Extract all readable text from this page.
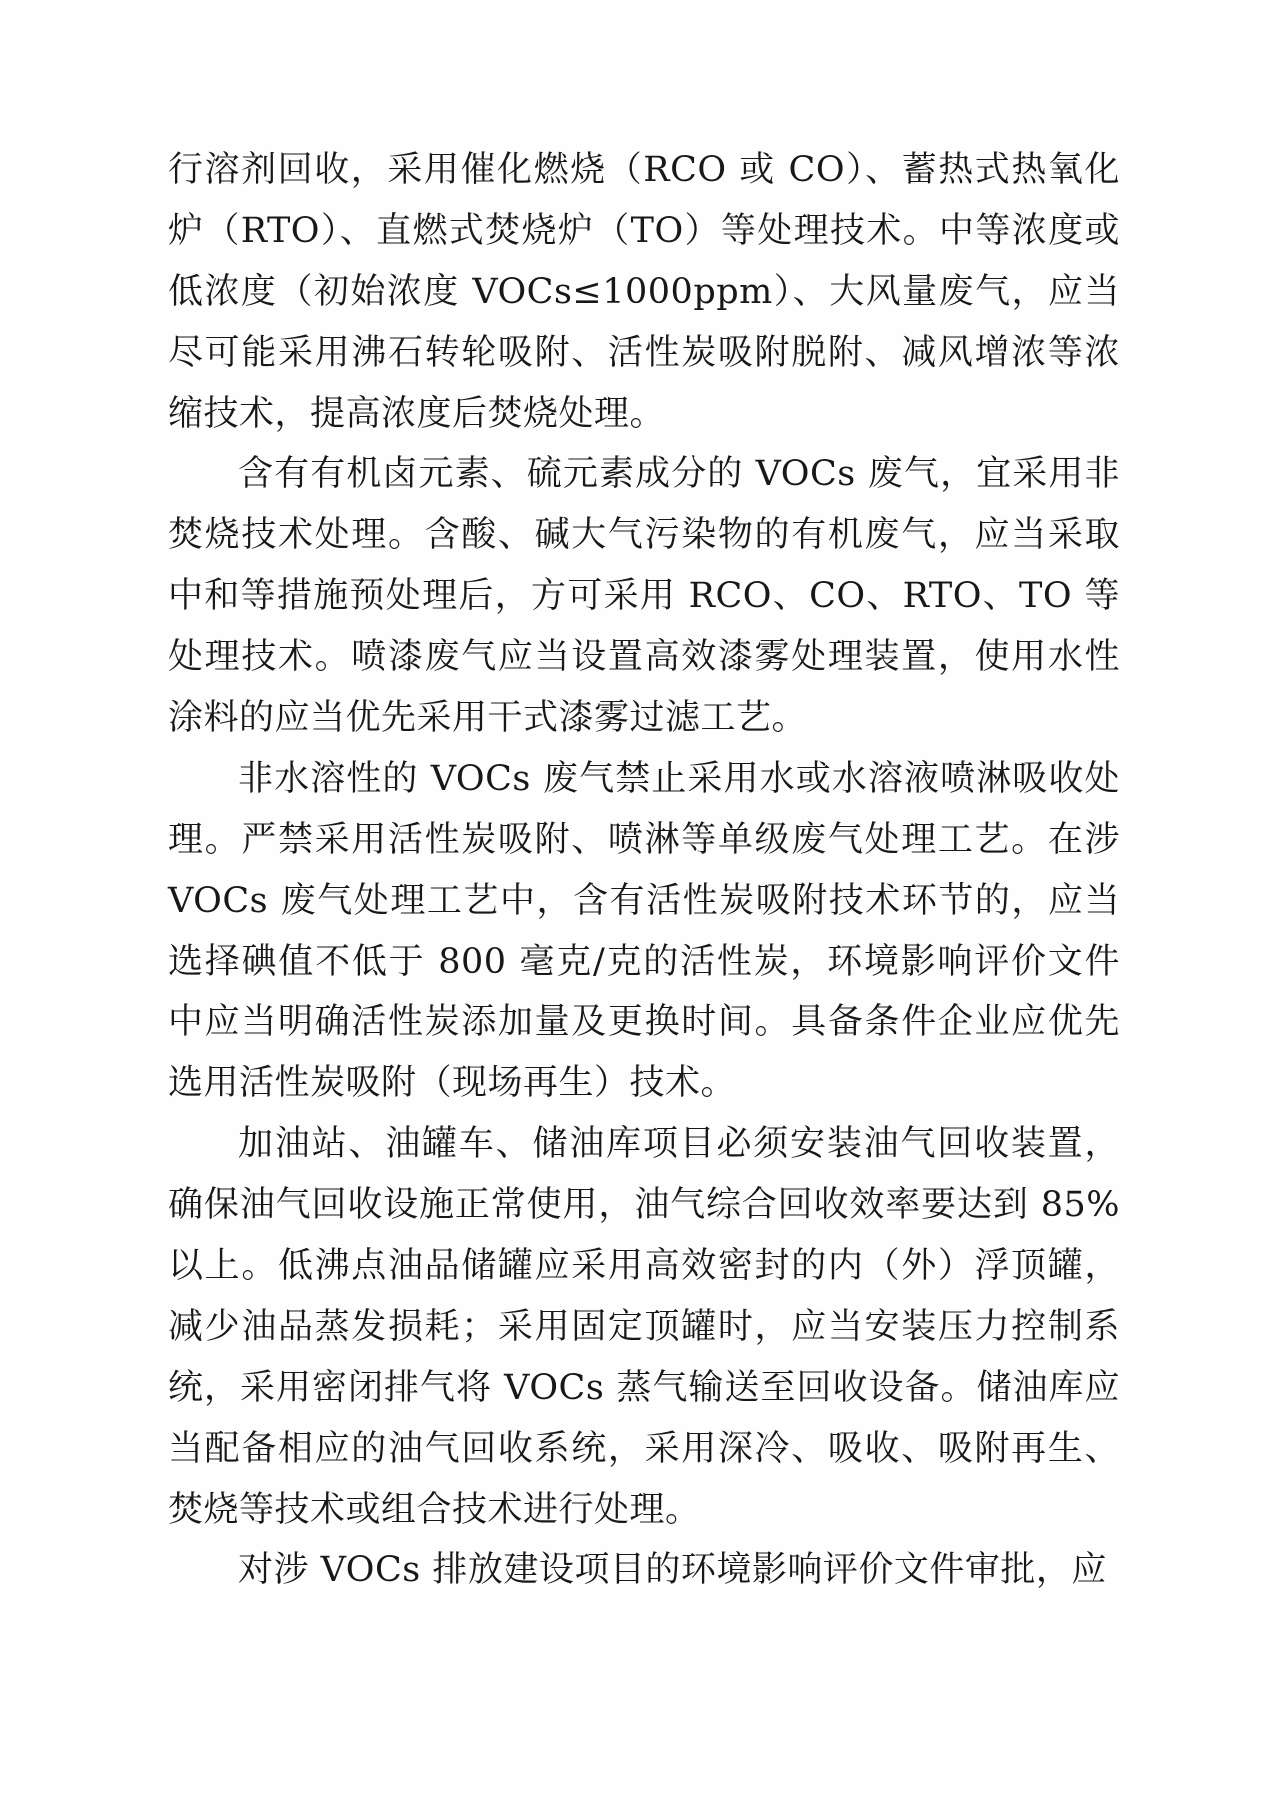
行溶剂回收，采用催化燃烧（RCO 或 CO）、蓄热式热氧化炉（RTO）、直燃式焚烧炉（TO）等处理技术。中等浓度或低浓度（初始浓度 VOCs≤1000ppm）、大风量废气，应当尽可能采用沸石转轮吸附、活性炭吸附脱附、减风增浓等浓缩技术，提高浓度后焚烧处理。

含有有机卤元素、硫元素成分的 VOCs 废气，宜采用非焚烧技术处理。含酸、碱大气污染物的有机废气，应当采取中和等措施预处理后，方可采用 RCO、CO、RTO、TO 等处理技术。喷漆废气应当设置高效漆雾处理装置，使用水性涂料的应当优先采用干式漆雾过滤工艺。

非水溶性的 VOCs 废气禁止采用水或水溶液喷淋吸收处理。严禁采用活性炭吸附、喷淋等单级废气处理工艺。在涉 VOCs 废气处理工艺中，含有活性炭吸附技术环节的，应当选择碘值不低于 800 毫克/克的活性炭，环境影响评价文件中应当明确活性炭添加量及更换时间。具备条件企业应优先选用活性炭吸附（现场再生）技术。

加油站、油罐车、储油库项目必须安装油气回收装置，确保油气回收设施正常使用，油气综合回收效率要达到 85%以上。低沸点油品储罐应采用高效密封的内（外）浮顶罐，减少油品蒸发损耗；采用固定顶罐时，应当安装压力控制系统，采用密闭排气将 VOCs 蒸气输送至回收设备。储油库应当配备相应的油气回收系统，采用深冷、吸收、吸附再生、焚烧等技术或组合技术进行处理。

对涉 VOCs 排放建设项目的环境影响评价文件审批，应
